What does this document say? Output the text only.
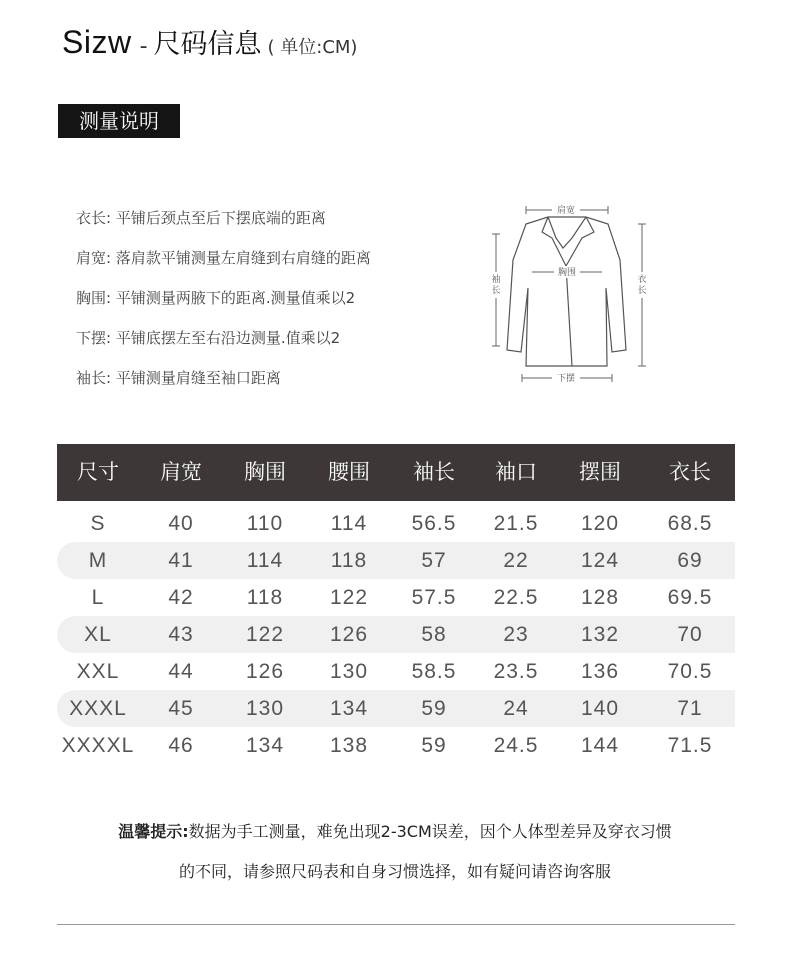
Sizw - 尺码信息 ( 单位:CM)
测量说明
衣长: 平铺后颈点至后下摆底端的距离
肩宽: 落肩款平铺测量左肩缝到右肩缝的距离
胸围: 平铺测量两腋下的距离.测量值乘以2
下摆: 平铺底摆左至右沿边测量.值乘以2
袖长: 平铺测量肩缝至袖口距离
肩宽
胸围
袖
长
衣
长
下摆
尺寸	肩宽	胸围	腰围	袖长	袖口	摆围	衣长
S	40	110	114	56.5	21.5	120	68.5
M	41	114	118	57	22	124	69
L	42	118	122	57.5	22.5	128	69.5
XL	43	122	126	58	23	132	70
XXL	44	126	130	58.5	23.5	136	70.5
XXXL	45	130	134	59	24	140	71
XXXXL	46	134	138	59	24.5	144	71.5
温馨提示:数据为手工测量，难免出现2-3CM误差，因个人体型差异及穿衣习惯
的不同，请参照尺码表和自身习惯选择，如有疑问请咨询客服
